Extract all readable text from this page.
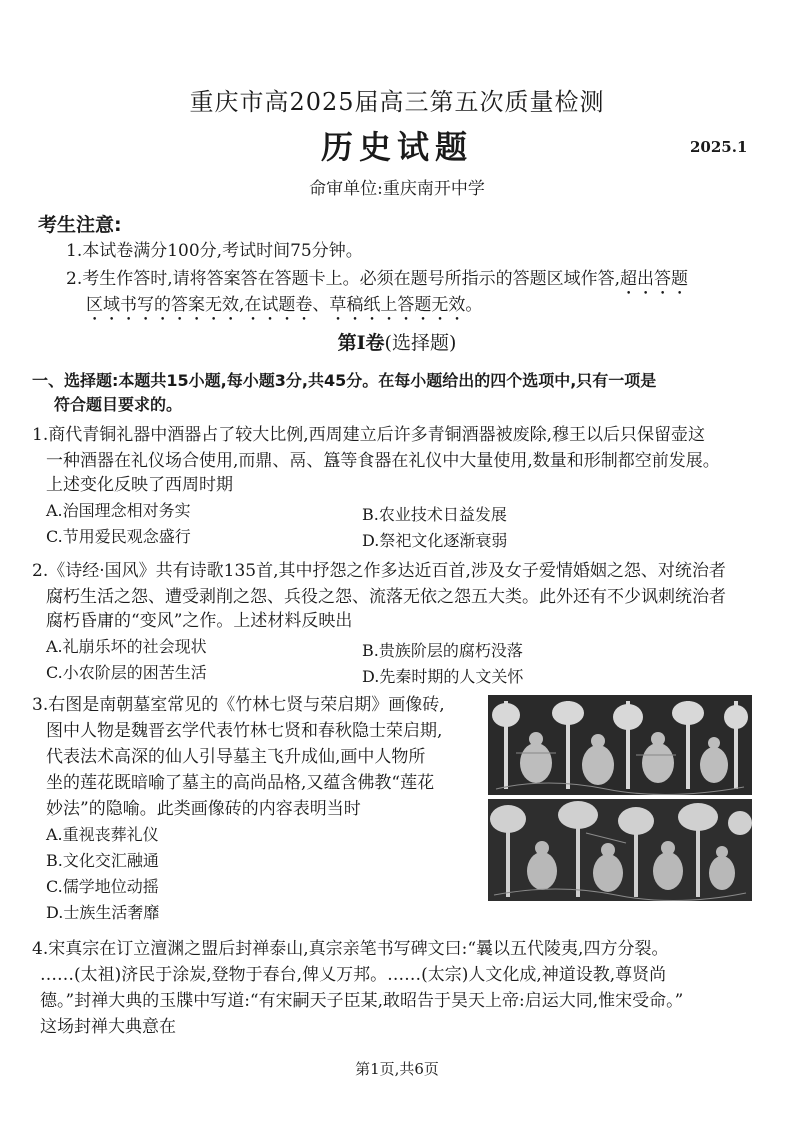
重庆市高2025届高三第五次质量检测
历史试题	2025.1
命审单位:重庆南开中学
考生注意:
1.本试卷满分100分,考试时间75分钟。
2.考生作答时,请将答案答在答题卡上。必须在题号所指示的答题区域作答,超出答题
区域书写的答案无效,在试题卷、草稿纸上答题无效。
第Ⅰ卷(选择题)
一、选择题:本题共15小题,每小题3分,共45分。在每小题给出的四个选项中,只有一项是
符合题目要求的。
1.商代青铜礼器中酒器占了较大比例,西周建立后许多青铜酒器被废除,穆王以后只保留壶这
一种酒器在礼仪场合使用,而鼎、鬲、簋等食器在礼仪中大量使用,数量和形制都空前发展。
上述变化反映了西周时期
A.治国理念相对务实	B.农业技术日益发展
C.节用爱民观念盛行	D.祭祀文化逐渐衰弱
2.《诗经·国风》共有诗歌135首,其中抒怨之作多达近百首,涉及女子爱情婚姻之怨、对统治者
腐朽生活之怨、遭受剥削之怨、兵役之怨、流落无依之怨五大类。此外还有不少讽刺统治者
腐朽昏庸的“变风”之作。上述材料反映出
A.礼崩乐坏的社会现状	B.贵族阶层的腐朽没落
C.小农阶层的困苦生活	D.先秦时期的人文关怀
3.右图是南朝墓室常见的《竹林七贤与荣启期》画像砖,
图中人物是魏晋玄学代表竹林七贤和春秋隐士荣启期,
代表法术高深的仙人引导墓主飞升成仙,画中人物所
坐的莲花既暗喻了墓主的高尚品格,又蕴含佛教“莲花
妙法”的隐喻。此类画像砖的内容表明当时
A.重视丧葬礼仪
B.文化交汇融通
C.儒学地位动摇
D.士族生活奢靡
4.宋真宗在订立澶渊之盟后封禅泰山,真宗亲笔书写碑文曰:“曩以五代陵夷,四方分裂。
……(太祖)济民于涂炭,登物于春台,俾乂万邦。……(太宗)人文化成,神道设教,尊贤尚
德。”封禅大典的玉牒中写道:“有宋嗣天子臣某,敢昭告于昊天上帝:启运大同,惟宋受命。”
这场封禅大典意在
第1页,共6页
